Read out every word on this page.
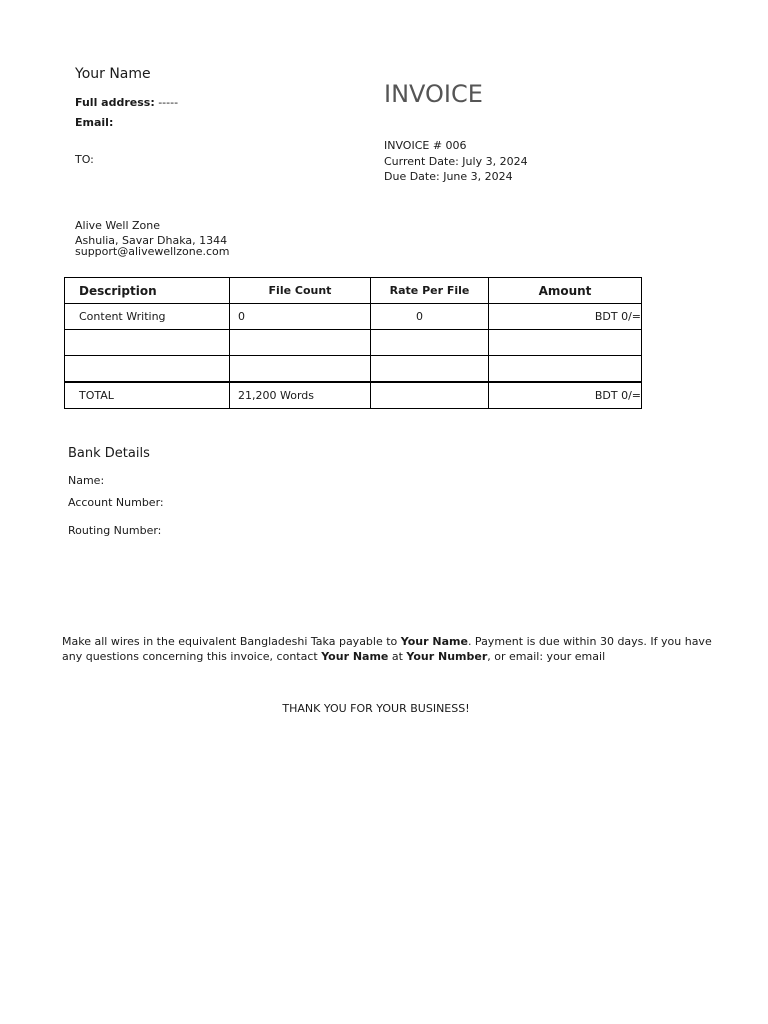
Your Name
Full address: -----
Email:
TO:
INVOICE
INVOICE # 006
Current Date: July 3, 2024
Due Date: June 3, 2024
Alive Well Zone
Ashulia, Savar Dhaka, 1344
support@alivewellzone.com
Description	File Count	Rate Per File	Amount
Content Writing	0	0	BDT 0/=

TOTAL	21,200 Words		BDT 0/=
Bank Details
Name:
Account Number:
Routing Number:
Make all wires in the equivalent Bangladeshi Taka payable to Your Name. Payment is due within 30 days. If you have
any questions concerning this invoice, contact Your Name at Your Number, or email: your email
THANK YOU FOR YOUR BUSINESS!
